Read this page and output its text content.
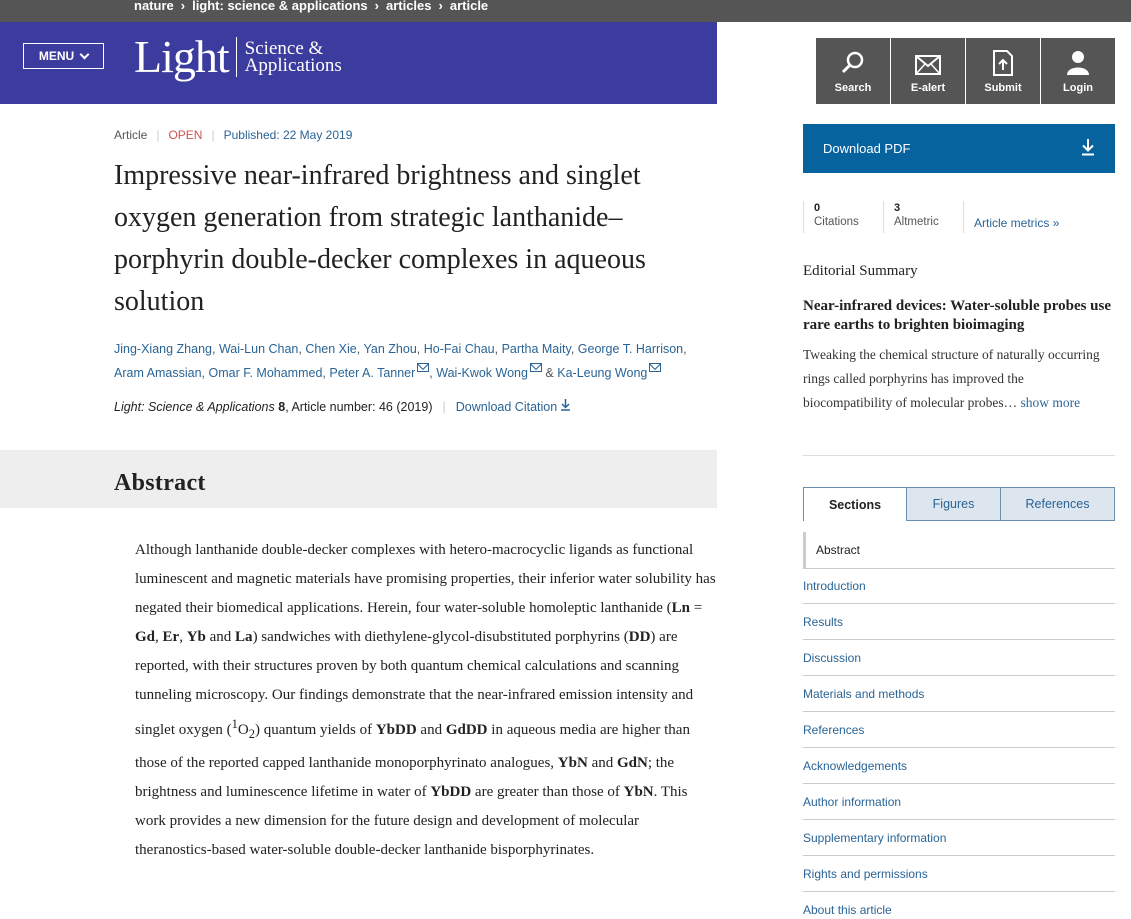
nature › light: science & applications › articles › article
MENU Light Science &
Applications
Search	E-alert	Submit	Login
Article | OPEN | Published: 22 May 2019
Impressive near-infrared brightness and singlet oxygen generation from strategic lanthanide–porphyrin double-decker complexes in aqueous solution
Jing-Xiang Zhang, Wai-Lun Chan, Chen Xie, Yan Zhou, Ho-Fai Chau, Partha Maity, George T. Harrison,
Aram Amassian, Omar F. Mohammed, Peter A. Tanner , Wai-Kwok Wong & Ka-Leung Wong
Light: Science & Applications
8 , Article number: 46 (2019) | Download Citation
Abstract

Although lanthanide double-decker complexes with hetero-macrocyclic ligands as functional luminescent and magnetic materials have promising properties, their inferior water solubility has negated their biomedical applications. Herein, four water-soluble homoleptic lanthanide (Ln = Gd, Er, Yb and La) sandwiches with diethylene-glycol-disubstituted porphyrins (DD) are reported, with their structures proven by both quantum chemical calculations and scanning tunneling microscopy. Our findings demonstrate that the near-infrared emission intensity and singlet oxygen $(^1O_2)$ quantum yields of YbDD and GdDD in aqueous media are higher than those of the reported capped lanthanide monoporphyrinato analogues, YbN and GdN; the brightness and luminescence lifetime in water of YbDD are greater than those of YbN. This work provides a new dimension for the future design and development of molecular theranostics-based water-soluble double-decker lanthanide bisporphyrinates.

Download PDF
0
Citations
3
Altmetric	Article metrics »
Editorial Summary
Near-infrared devices: Water-soluble probes use rare earths to brighten bioimaging
Tweaking the chemical structure of naturally occurring rings called porphyrins has improved the biocompatibility of molecular probes… show more
Sections	Figures	References
Abstract
Introduction
Results
Discussion
Materials and methods
References
Acknowledgements
Author information
Supplementary information
Rights and permissions
About this article
